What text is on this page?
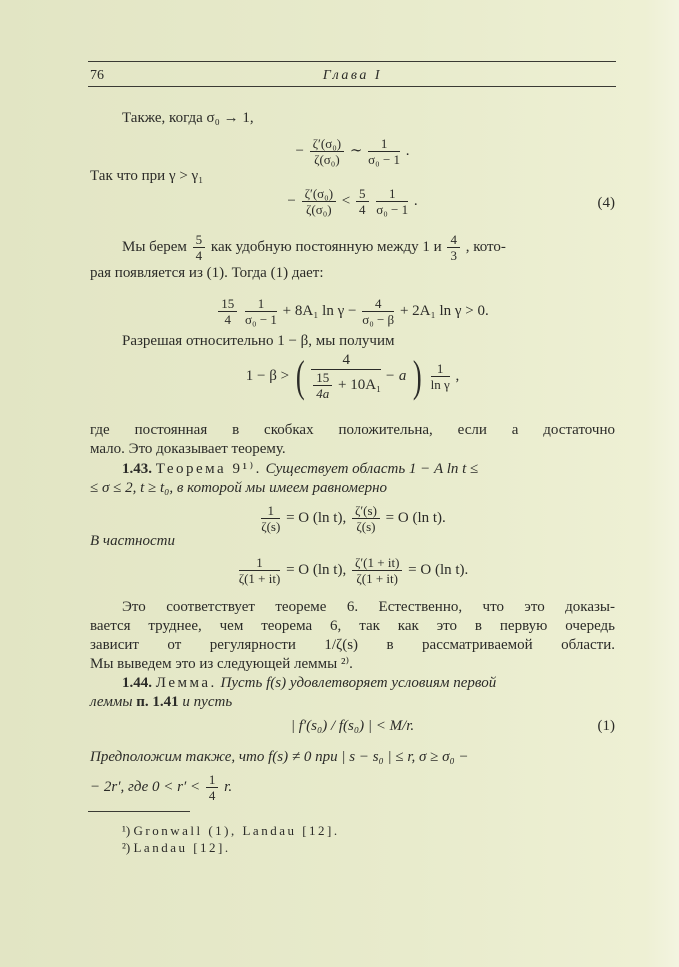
76	Глава I
Также, когда σ₀ → 1,
− $\frac{\text{ζ′(σ₀)}}{\text{ζ(σ₀)}}$ ∼ $\frac{1}{\text{σ₀ − 1}}$ .
Так что при γ > γ₁
− $\frac{\text{ζ′(σ₀)}}{\text{ζ(σ₀)}} < \frac{5}{4}$
$\frac{1}{\text{σ₀ − 1}}$ .	(4)
Мы берем $\frac{5}{4}$ как удобную постоянную между 1 и $\frac{4}{3}$ , кото-
рая появляется из (1). Тогда (1) дает:
$\frac{15}{4}$
$\frac{1}{\text{σ₀ − 1}} + 8A_1$ $\ln \gamma - \frac{4}{\text{σ₀ − β}} + 2A_1$ ln γ > 0.
Разрешая относительно 1 − β, мы получим
1 − β > ( $\frac{4}{\frac{15}{4a} + 10A_1} - a$ ) $\frac{1}{\text{ln γ}}$ ,
где постоянная в скобках положительна, если a достаточно
мало. Это доказывает теорему.
1.43. Теорема 9¹⁾. Существует область 1 − A ln t ≤
≤ σ ≤ 2, t ≥ t₀, в которой мы имеем равномерно
$\frac{1}{\zeta(s)} = O$ (ln t), $\frac{\zeta'(s)}{\zeta(s)} = O$ (ln t).
В частности
$\frac{1}{\zeta(1 + it)} = O$ (ln t), $\frac{\zeta'(1 + it)}{\zeta(1 + it)} = O$ (ln t).
Это соответствует теореме 6. Естественно, что это доказы-
вается труднее, чем теорема 6, так как это в первую очередь
зависит от регулярности 1/ζ(s) в рассматриваемой области.
Мы выведем это из следующей леммы ²⁾.
1.44. Лемма. Пусть f(s) удовлетворяет условиям первой
леммы п. 1.41 и пусть
| f′(s₀) / f(s₀) | < M/r.	(1)
Предположим также, что f(s) ≠ 0 при | s − s₀ | ≤ r, σ ≥ σ₀ −
− 2r′, где $0 < r' < \frac{1}{4} r$.
¹) Gronwall (1), Landau [12].
²) Landau [12].
